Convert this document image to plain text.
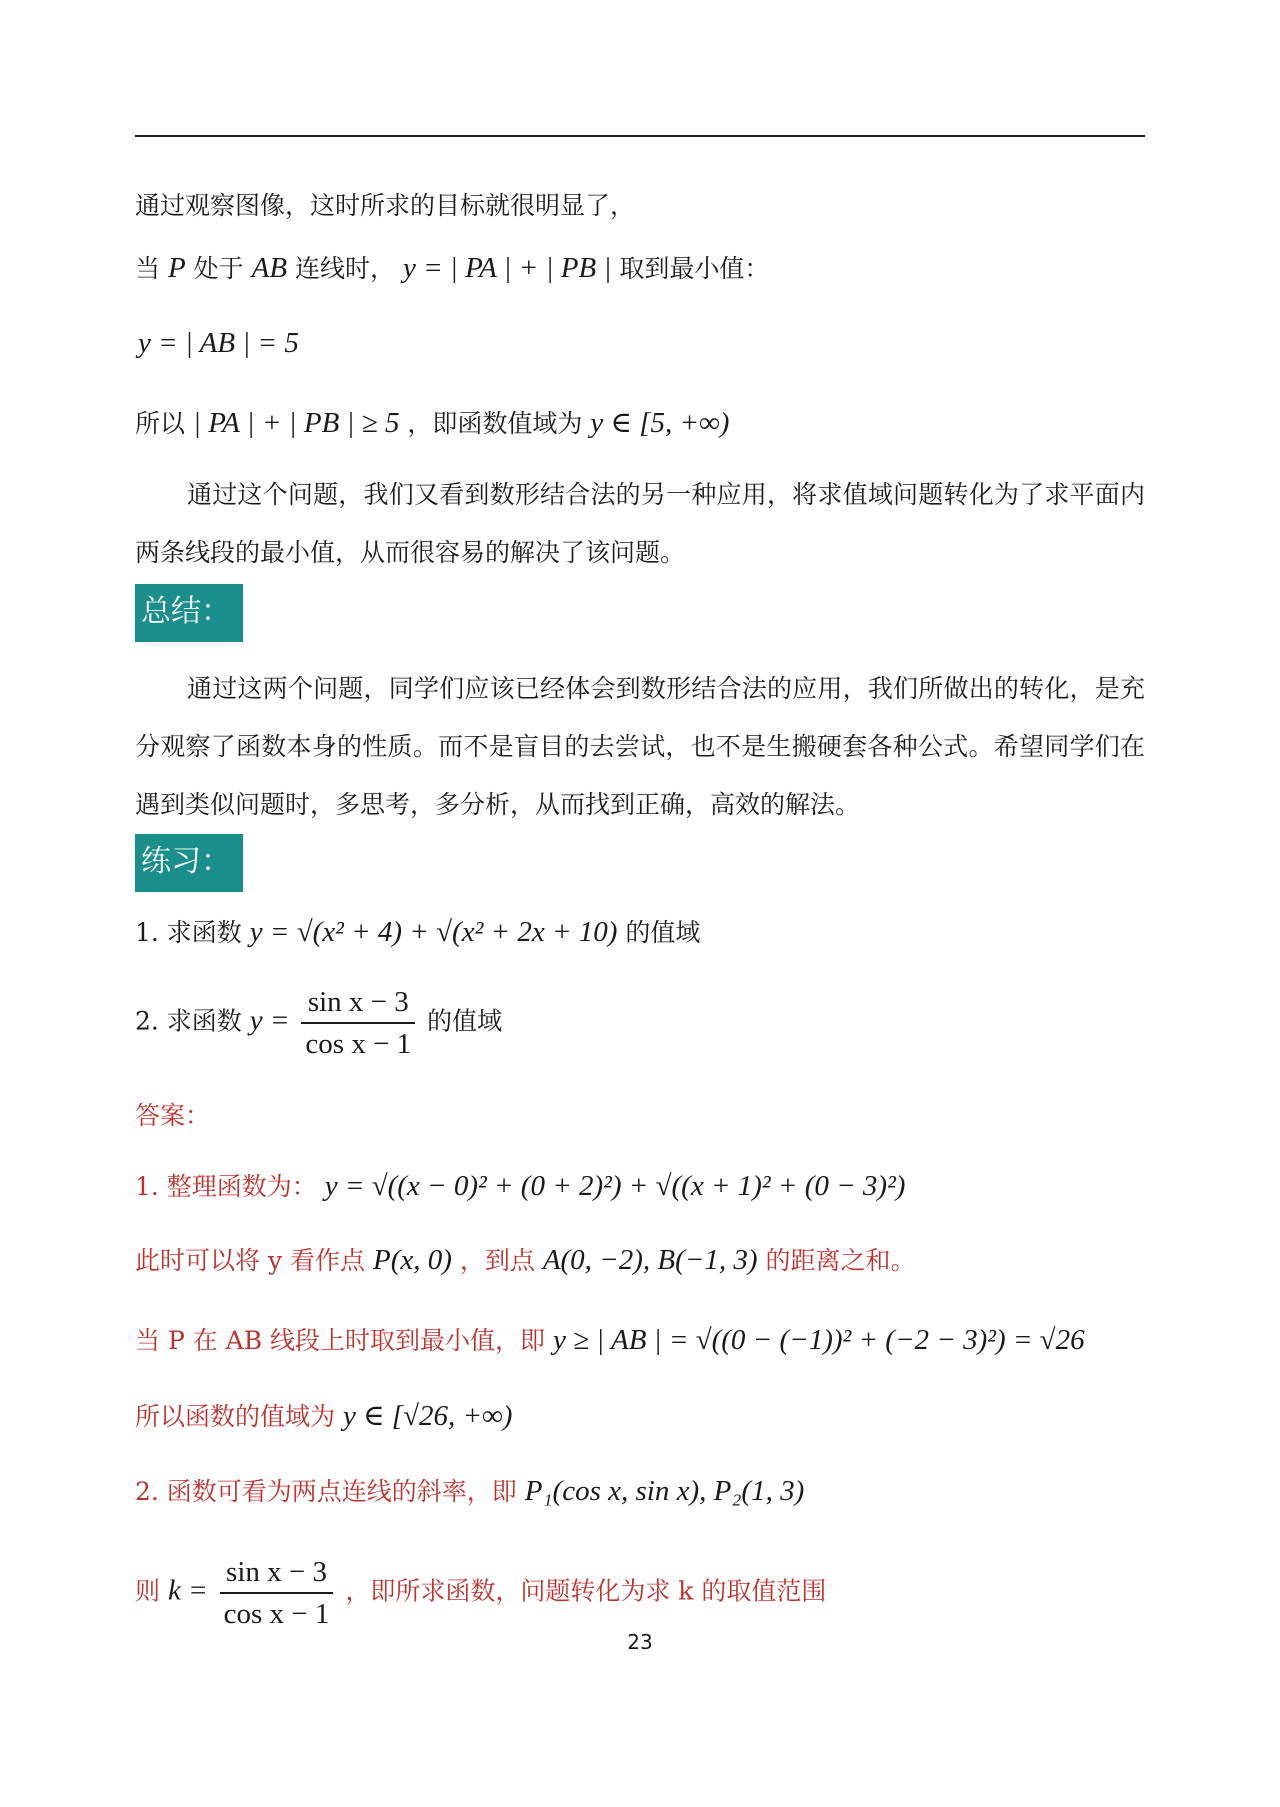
通过观察图像，这时所求的目标就很明显了，
当 P 处于 AB 连线时， y = | PA | + | PB | 取到最小值：
y = | AB | = 5
所以 | PA | + | PB | ≥ 5 ，即函数值域为 y ∈ [5, +∞)
通过这个问题，我们又看到数形结合法的另一种应用，将求值域问题转化为了求平面内两条线段的最小值，从而很容易的解决了该问题。
总结：
通过这两个问题，同学们应该已经体会到数形结合法的应用，我们所做出的转化，是充分观察了函数本身的性质。而不是盲目的去尝试，也不是生搬硬套各种公式。希望同学们在遇到类似问题时，多思考，多分析，从而找到正确，高效的解法。
练习：
1. 求函数 y = √(x² + 4) + √(x² + 2x + 10) 的值域
2. 求函数 $y = \frac{\text{sin x − 3}}{\text{cos x − 1}}$ 的值域
答案：
1. 整理函数为： y = √((x − 0)² + (0 + 2)²) + √((x + 1)² + (0 − 3)²)
此时可以将 y 看作点 P(x, 0) ，到点 A(0, −2), B(−1, 3) 的距离之和。
当 P 在 AB 线段上时取到最小值，即 y ≥ | AB | = √((0 − (−1))² + (−2 − 3)²) = √26
所以函数的值域为 y ∈ [√26, +∞)
2. 函数可看为两点连线的斜率，即 P₁(cos x, sin x), P₂(1, 3)
则 $k = \frac{\text{sin x − 3}}{\text{cos x − 1}}$ ，即所求函数，问题转化为求 k 的取值范围
23
